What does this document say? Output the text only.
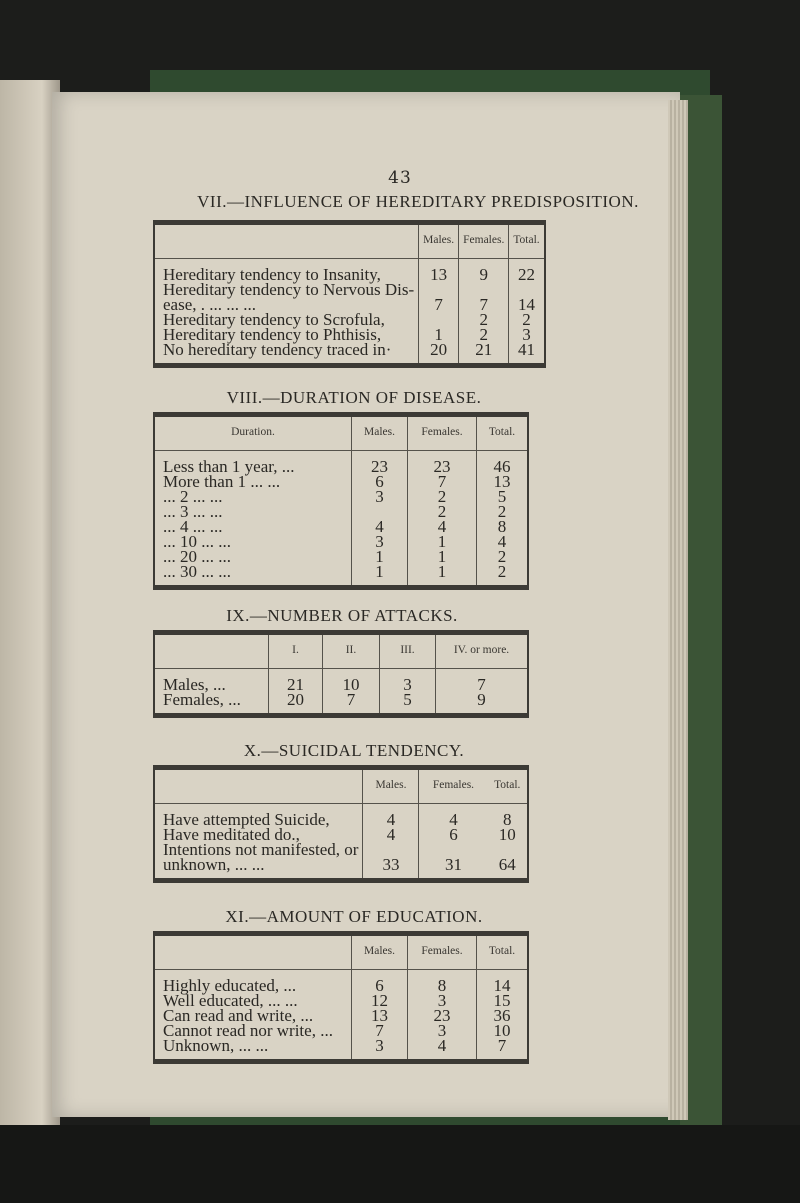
43
VII.—INFLUENCE OF HEREDITARY PREDISPOSITION.
	Males.	Females.	Total.
Hereditary tendency to Insanity,	13	9	22
Hereditary tendency to Nervous Dis-			
ease, . ... ... ...	7	7	14
Hereditary tendency to Scrofula,		2	2
Hereditary tendency to Phthisis,	1	2	3
No hereditary tendency traced in·	20	21	41
VIII.—DURATION OF DISEASE.
Duration.	Males.	Females.	Total.
Less than 1 year, ...	23	23	46
More than 1 ... ...	6	7	13
... 2 ... ...	3	2	5
... 3 ... ...		2	2
... 4 ... ...	4	4	8
... 10 ... ...	3	1	4
... 20 ... ...	1	1	2
... 30 ... ...	1	1	2
IX.—NUMBER OF ATTACKS.
	I.	II.	III.	IV. or more.
Males, ...	21	10	3	7
Females, ...	20	7	5	9
X.—SUICIDAL TENDENCY.
	Males.	Females.	Total.
Have attempted Suicide,	4	4	8
Have meditated do.,	4	6	10
Intentions not manifested, or			
unknown, ... ...	33	31	64
XI.—AMOUNT OF EDUCATION.
	Males.	Females.	Total.
Highly educated, ...	6	8	14
Well educated, ... ...	12	3	15
Can read and write, ...	13	23	36
Cannot read nor write, ...	7	3	10
Unknown, ... ...	3	4	7
